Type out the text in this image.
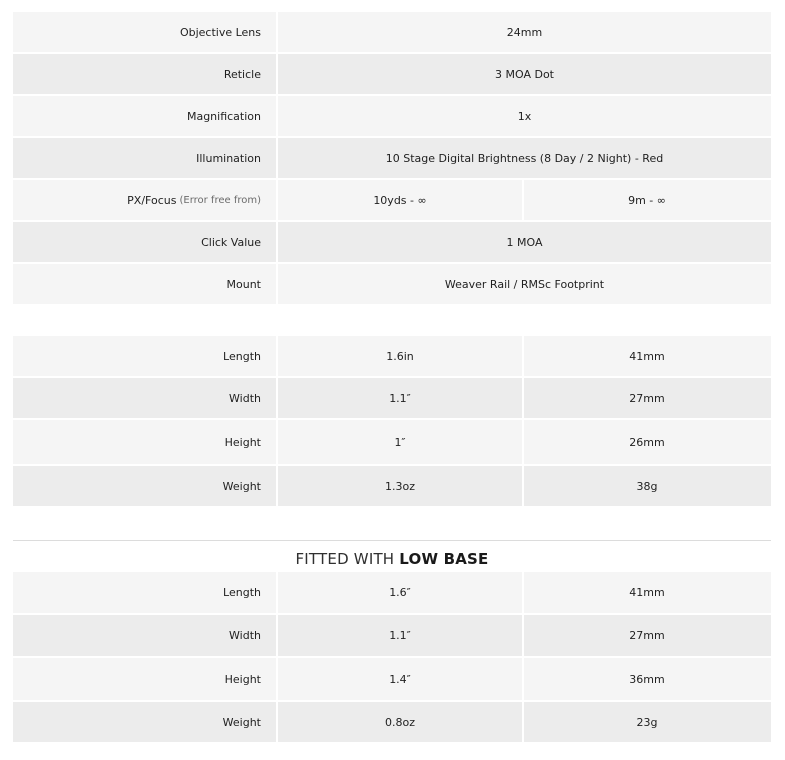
Objective Lens	24mm
Reticle	3 MOA Dot
Magnification	1x
Illumination	10 Stage Digital Brightness (8 Day / 2 Night) - Red
PX/Focus (Error free from)	10yds - ∞	9m - ∞
Click Value	1 MOA
Mount	Weaver Rail / RMSc Footprint
Length	1.6in	41mm
Width	1.1″	27mm
Height	1″	26mm
Weight	1.3oz	38g
FITTED WITH LOW BASE
Length	1.6″	41mm
Width	1.1″	27mm
Height	1.4″	36mm
Weight	0.8oz	23g
